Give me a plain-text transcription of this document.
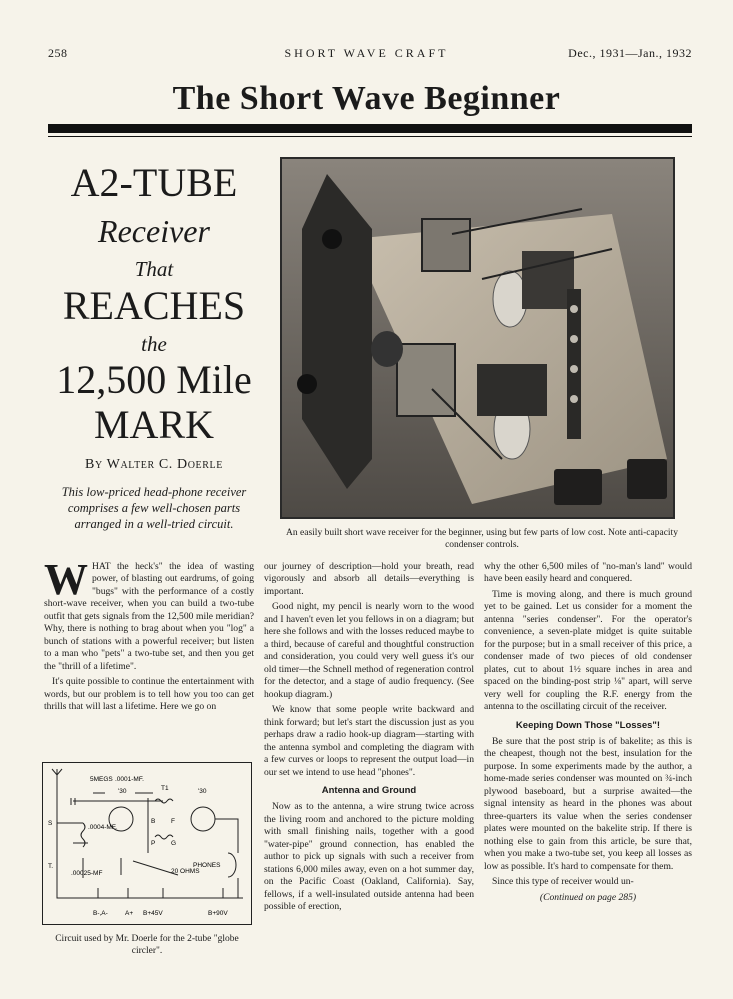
258	SHORT WAVE CRAFT	Dec., 1931—Jan., 1932
The Short Wave Beginner
A2-TUBE
Receiver
That
REACHES
the
12,500 Mile
MARK
By Walter C. Doerle
This low-priced head-phone receiver comprises a few well-chosen parts arranged in a well-tried circuit.
An easily built short wave receiver for the beginner, using but few parts of low cost. Note anti-capacity condenser controls.

WHAT the heck's" the idea of wasting power, of blasting out eardrums, of going "bugs" with the performance of a costly short-wave receiver, when you can build a two-tube outfit that gets signals from the 12,500 mile meridian? Why, there is nothing to brag about when you "log" a bunch of stations with a powerful receiver; but listen to a man who "pets" a two-tube set, and then you get the "thrill of a lifetime".

It's quite possible to continue the entertainment with words, but our problem is to tell how you too can get thrills that will last a lifetime. Here we go on

5MEGS .0001-MF.
T1
'30	'30
S
.0004-MF.
T.
.00025-MF
P
B
G
F
20 OHMS
PHONES
B-,A-	A+ B+45V	B+90V
Circuit used by Mr. Doerle for the 2-tube "globe circler".

our journey of description—hold your breath, read vigorously and absorb all details—everything is important.

Good night, my pencil is nearly worn to the wood and I haven't even let you fellows in on a diagram; but here she follows and with the losses reduced maybe to a third, because of careful and thoughtful construction and consideration, you could very well guess it's our old timer—the Schnell method of regeneration control for the detector, and a stage of audio frequency. (See hookup diagram.)

We know that some people write backward and think forward; but let's start the discussion just as you perhaps draw a radio hook-up diagram—starting with the antenna symbol and completing the diagram with a few curves or loops to represent the output load—in our set we intend to use head "phones".

Antenna and Ground

Now as to the antenna, a wire strung twice across the living room and anchored to the picture molding with small finishing nails, together with a good "water-pipe" ground connection, has enabled the author to pick up signals with such a receiver from stations 6,000 miles away, even on a hot summer day, on the Pacific Coast (Oakland, California). Say, fellows, if a well-insulated outside antenna had been possible of erection,

why the other 6,500 miles of "no-man's land" would have been easily heard and conquered.

Time is moving along, and there is much ground yet to be gained. Let us consider for a moment the antenna "series condenser". For the operator's convenience, a seven-plate midget is quite suitable for the purpose; but in a small receiver of this price, a condenser made of two pieces of old condenser plates, cut to about 1½ square inches in area and spaced on the binding-post strip ⅛" apart, will serve very well for coupling the R.F. energy from the antenna to the oscillating circuit of the receiver.

Keeping Down Those "Losses"!

Be sure that the post strip is of bakelite; as this is the cheapest, though not the best, insulation for the purpose. In some experiments made by the author, a home-made series condenser was mounted on ¾-inch plywood baseboard, but a surprise awaited—the signal intensity as heard in the phones was about three-quarters its value when the series condenser plates were mounted on the bakelite strip. If there is nothing else to gain from this article, be sure that, when you make a two-tube set, you keep all losses as low as possible. It's hard to compensate for them.

Since this type of receiver would un-

(Continued on page 285)
